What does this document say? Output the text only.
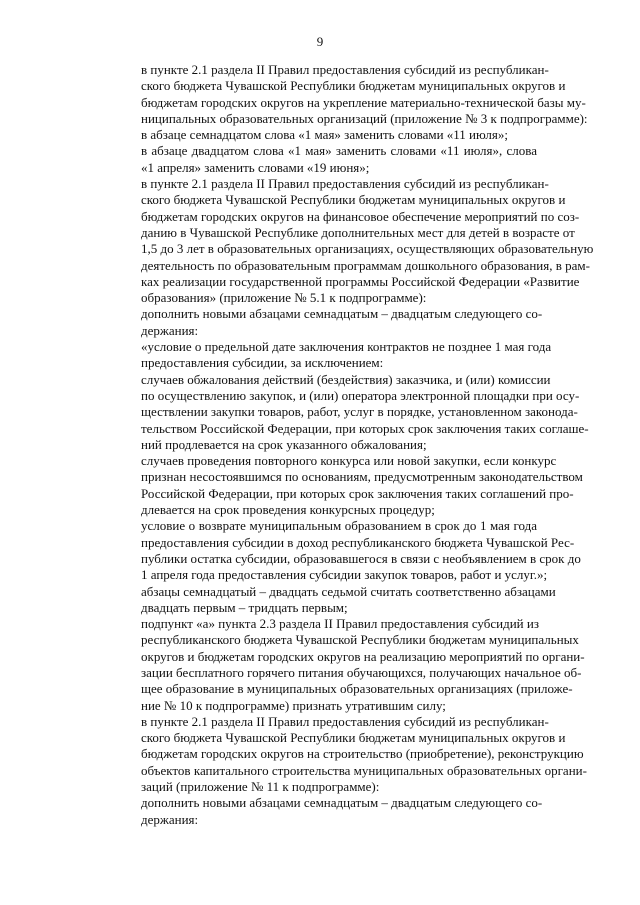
9

в пункте 2.1 раздела II Правил предоставления субсидий из республикан-
ского бюджета Чувашской Республики бюджетам муниципальных округов и
бюджетам городских округов на укрепление материально-технической базы му-
ниципальных образовательных организаций (приложение № 3 к подпрограмме):

в абзаце семнадцатом слова «1 мая» заменить словами «11 июля»;

в абзаце двадцатом слова «1 мая» заменить словами «11 июля», слова
«1 апреля» заменить словами «19 июня»;

в пункте 2.1 раздела II Правил предоставления субсидий из республикан-
ского бюджета Чувашской Республики бюджетам муниципальных округов и
бюджетам городских округов на финансовое обеспечение мероприятий по соз-
данию в Чувашской Республике дополнительных мест для детей в возрасте от
1,5 до 3 лет в образовательных организациях, осуществляющих образовательную
деятельность по образовательным программам дошкольного образования, в рам-
ках реализации государственной программы Российской Федерации «Развитие
образования» (приложение № 5.1 к подпрограмме):

дополнить новыми абзацами семнадцатым – двадцатым следующего со-
держания:

«условие о предельной дате заключения контрактов не позднее 1 мая года
предоставления субсидии, за исключением:

случаев обжалования действий (бездействия) заказчика, и (или) комиссии
по осуществлению закупок, и (или) оператора электронной площадки при осу-
ществлении закупки товаров, работ, услуг в порядке, установленном законода-
тельством Российской Федерации, при которых срок заключения таких соглаше-
ний продлевается на срок указанного обжалования;

случаев проведения повторного конкурса или новой закупки, если конкурс
признан несостоявшимся по основаниям, предусмотренным законодательством
Российской Федерации, при которых срок заключения таких соглашений про-
длевается на срок проведения конкурсных процедур;

условие о возврате муниципальным образованием в срок до 1 мая года
предоставления субсидии в доход республиканского бюджета Чувашской Рес-
публики остатка субсидии, образовавшегося в связи с необъявлением в срок до
1 апреля года предоставления субсидии закупок товаров, работ и услуг.»;

абзацы семнадцатый – двадцать седьмой считать соответственно абзацами
двадцать первым – тридцать первым;

подпункт «а» пункта 2.3 раздела II Правил предоставления субсидий из
республиканского бюджета Чувашской Республики бюджетам муниципальных
округов и бюджетам городских округов на реализацию мероприятий по органи-
зации бесплатного горячего питания обучающихся, получающих начальное об-
щее образование в муниципальных образовательных организациях (приложе-
ние № 10 к подпрограмме) признать утратившим силу;

в пункте 2.1 раздела II Правил предоставления субсидий из республикан-
ского бюджета Чувашской Республики бюджетам муниципальных округов и
бюджетам городских округов на строительство (приобретение), реконструкцию
объектов капитального строительства муниципальных образовательных органи-
заций (приложение № 11 к подпрограмме):

дополнить новыми абзацами семнадцатым – двадцатым следующего со-
держания:
